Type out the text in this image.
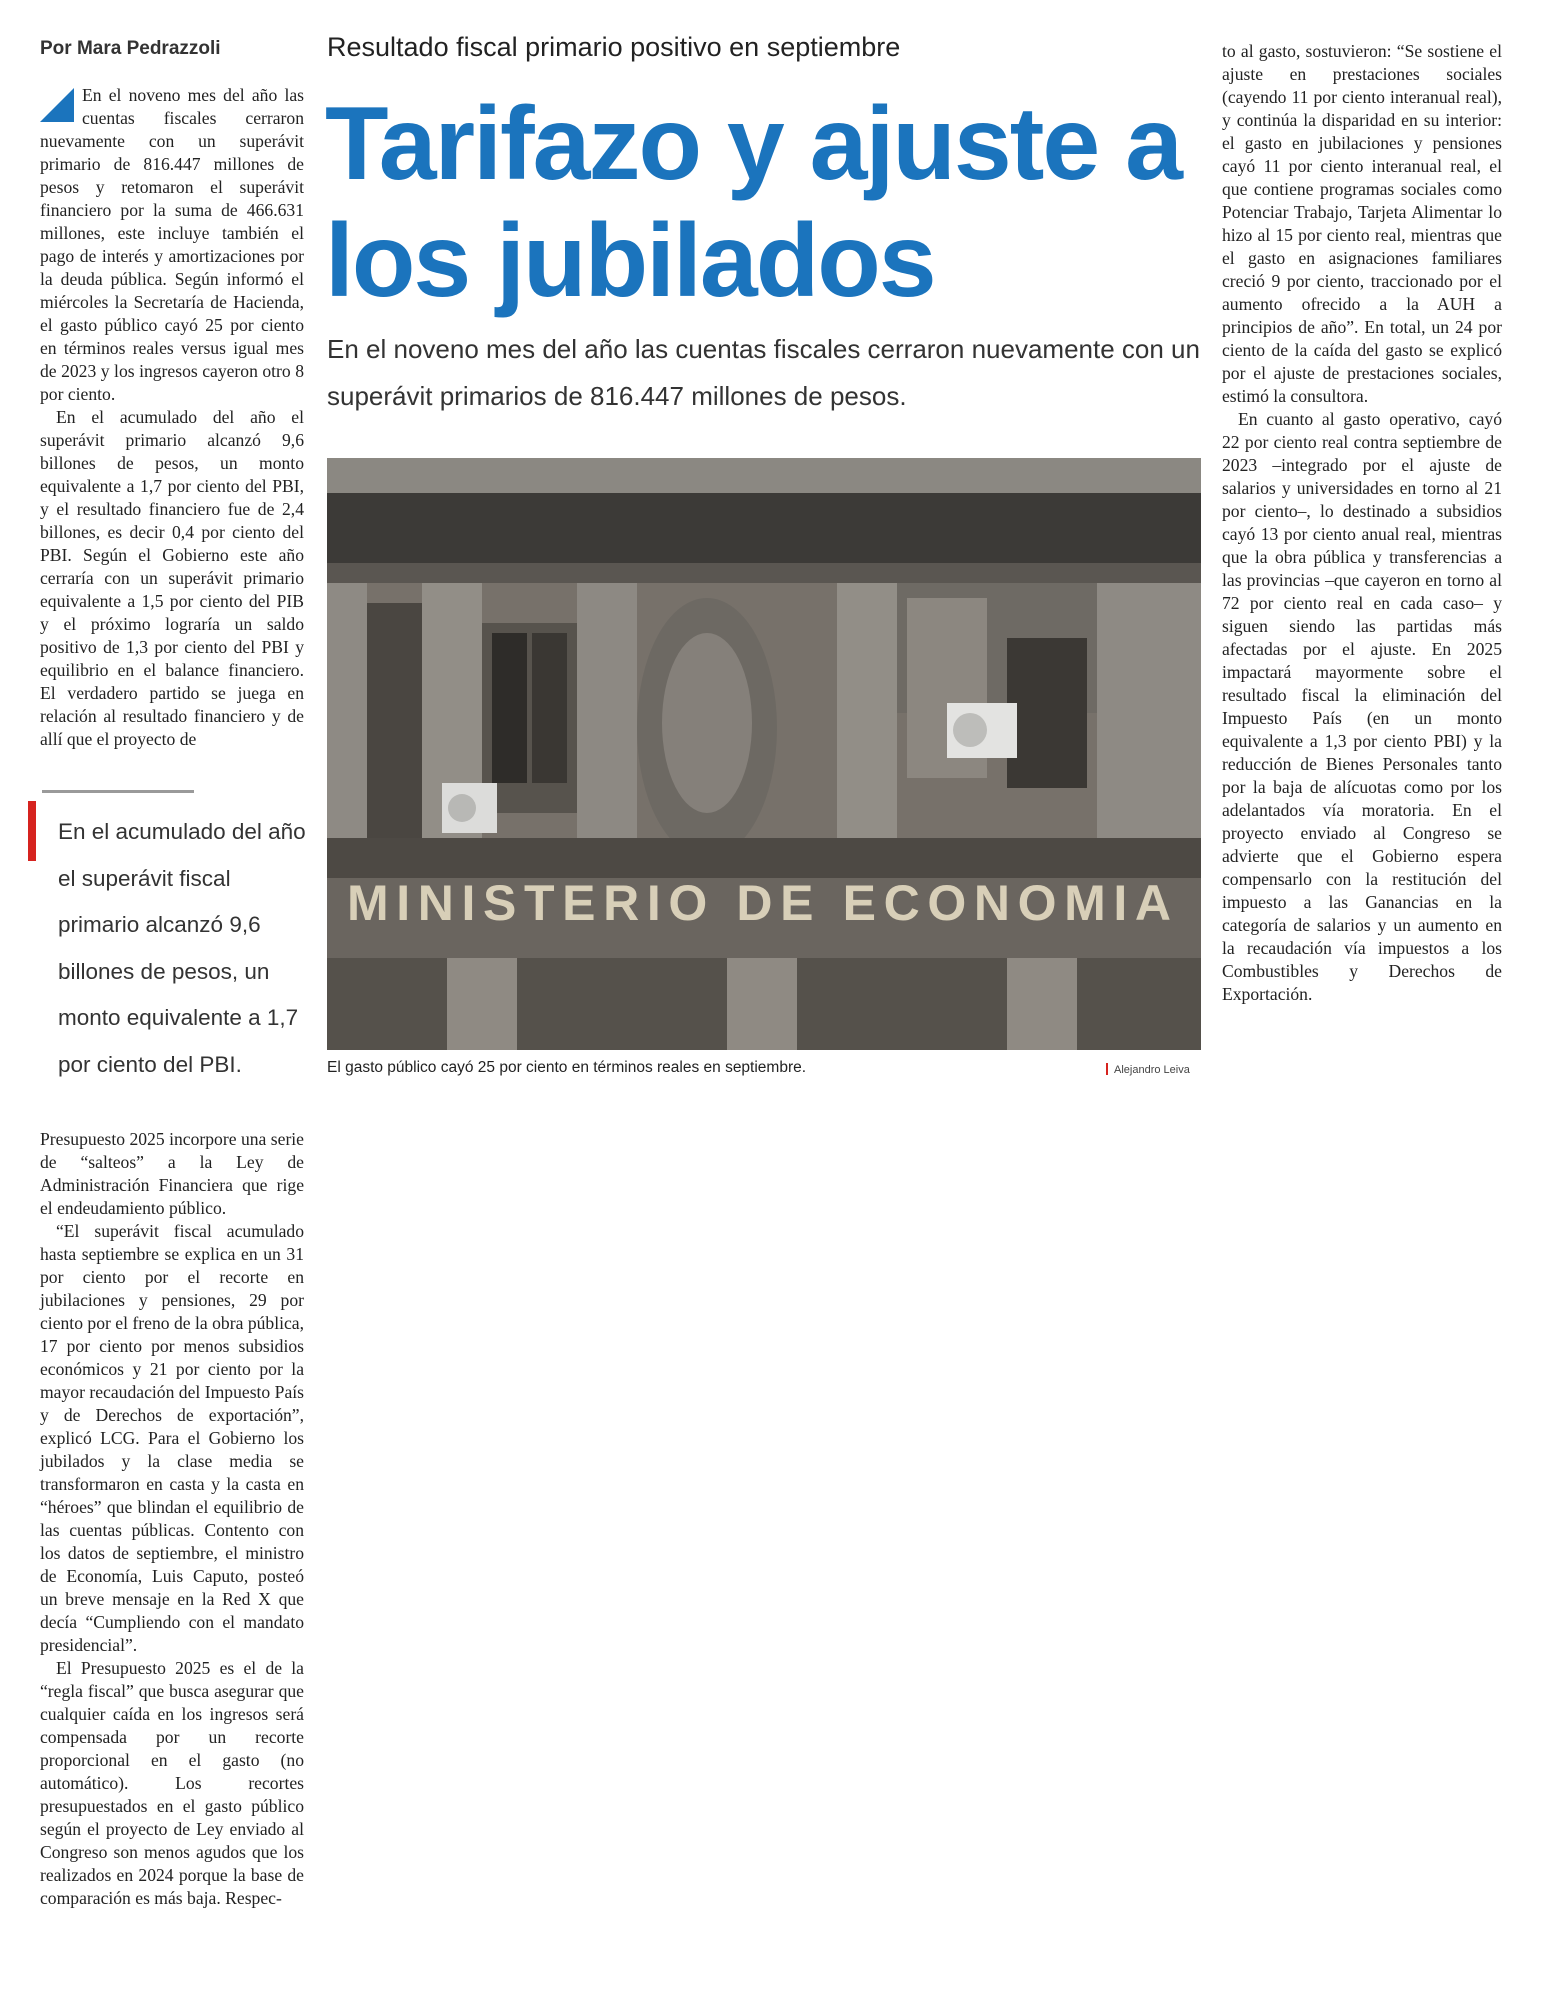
Por Mara Pedrazzoli

En el noveno mes del año las cuentas fiscales cerraron nuevamente con un superávit primario de 816.447 millones de pesos y retomaron el superávit financiero por la suma de 466.631 millones, este incluye también el pago de interés y amortizaciones por la deuda pública. Según informó el miércoles la Secretaría de Hacienda, el gasto público cayó 25 por ciento en términos reales versus igual mes de 2023 y los ingresos cayeron otro 8 por ciento.

En el acumulado del año el superávit primario alcanzó 9,6 billones de pesos, un monto equivalente a 1,7 por ciento del PBI, y el resultado financiero fue de 2,4 billones, es decir 0,4 por ciento del PBI. Según el Gobierno este año cerraría con un superávit primario equivalente a 1,5 por ciento del PIB y el próximo lograría un saldo positivo de 1,3 por ciento del PBI y equilibrio en el balance financiero. El verdadero partido se juega en relación al resultado financiero y de allí que el proyecto de

En el acumulado del año el superávit fiscal primario alcanzó 9,6 billones de pesos, un monto equivalente a 1,7 por ciento del PBI.

Presupuesto 2025 incorpore una serie de “salteos” a la Ley de Administración Financiera que rige el endeudamiento público.

“El superávit fiscal acumulado hasta septiembre se explica en un 31 por ciento por el recorte en jubilaciones y pensiones, 29 por ciento por el freno de la obra pública, 17 por ciento por menos subsidios económicos y 21 por ciento por la mayor recaudación del Impuesto País y de Derechos de exportación”, explicó LCG. Para el Gobierno los jubilados y la clase media se transformaron en casta y la casta en “héroes” que blindan el equilibrio de las cuentas públicas. Contento con los datos de septiembre, el ministro de Economía, Luis Caputo, posteó un breve mensaje en la Red X que decía “Cumpliendo con el mandato presidencial”.

El Presupuesto 2025 es el de la “regla fiscal” que busca asegurar que cualquier caída en los ingresos será compensada por un recorte proporcional en el gasto (no automático). Los recortes presupuestados en el gasto público según el proyecto de Ley enviado al Congreso son menos agudos que los realizados en 2024 porque la base de comparación es más baja. Respec-

Resultado fiscal primario positivo en septiembre
Tarifazo y ajuste a los jubilados
En el noveno mes del año las cuentas fiscales cerraron nuevamente con un superávit primarios de 816.447 millones de pesos.
MINISTERIO DE ECONOMIA
El gasto público cayó 25 por ciento en términos reales en septiembre.	Alejandro Leiva

to al gasto, sostuvieron: “Se sostiene el ajuste en prestaciones sociales (cayendo 11 por ciento interanual real), y continúa la disparidad en su interior: el gasto en jubilaciones y pensiones cayó 11 por ciento interanual real, el que contiene programas sociales como Potenciar Trabajo, Tarjeta Alimentar lo hizo al 15 por ciento real, mientras que el gasto en asignaciones familiares creció 9 por ciento, traccionado por el aumento ofrecido a la AUH a principios de año”. En total, un 24 por ciento de la caída del gasto se explicó por el ajuste de prestaciones sociales, estimó la consultora.

En cuanto al gasto operativo, cayó 22 por ciento real contra septiembre de 2023 –integrado por el ajuste de salarios y universidades en torno al 21 por ciento–, lo destinado a subsidios cayó 13 por ciento anual real, mientras que la obra pública y transferencias a las provincias –que cayeron en torno al 72 por ciento real en cada caso– y siguen siendo las partidas más afectadas por el ajuste. En 2025 impactará mayormente sobre el resultado fiscal la eliminación del Impuesto País (en un monto equivalente a 1,3 por ciento PBI) y la reducción de Bienes Personales tanto por la baja de alícuotas como por los adelantados vía moratoria. En el proyecto enviado al Congreso se advierte que el Gobierno espera compensarlo con la restitución del impuesto a las Ganancias en la categoría de salarios y un aumento en la recaudación vía impuestos a los Combustibles y Derechos de Exportación.
